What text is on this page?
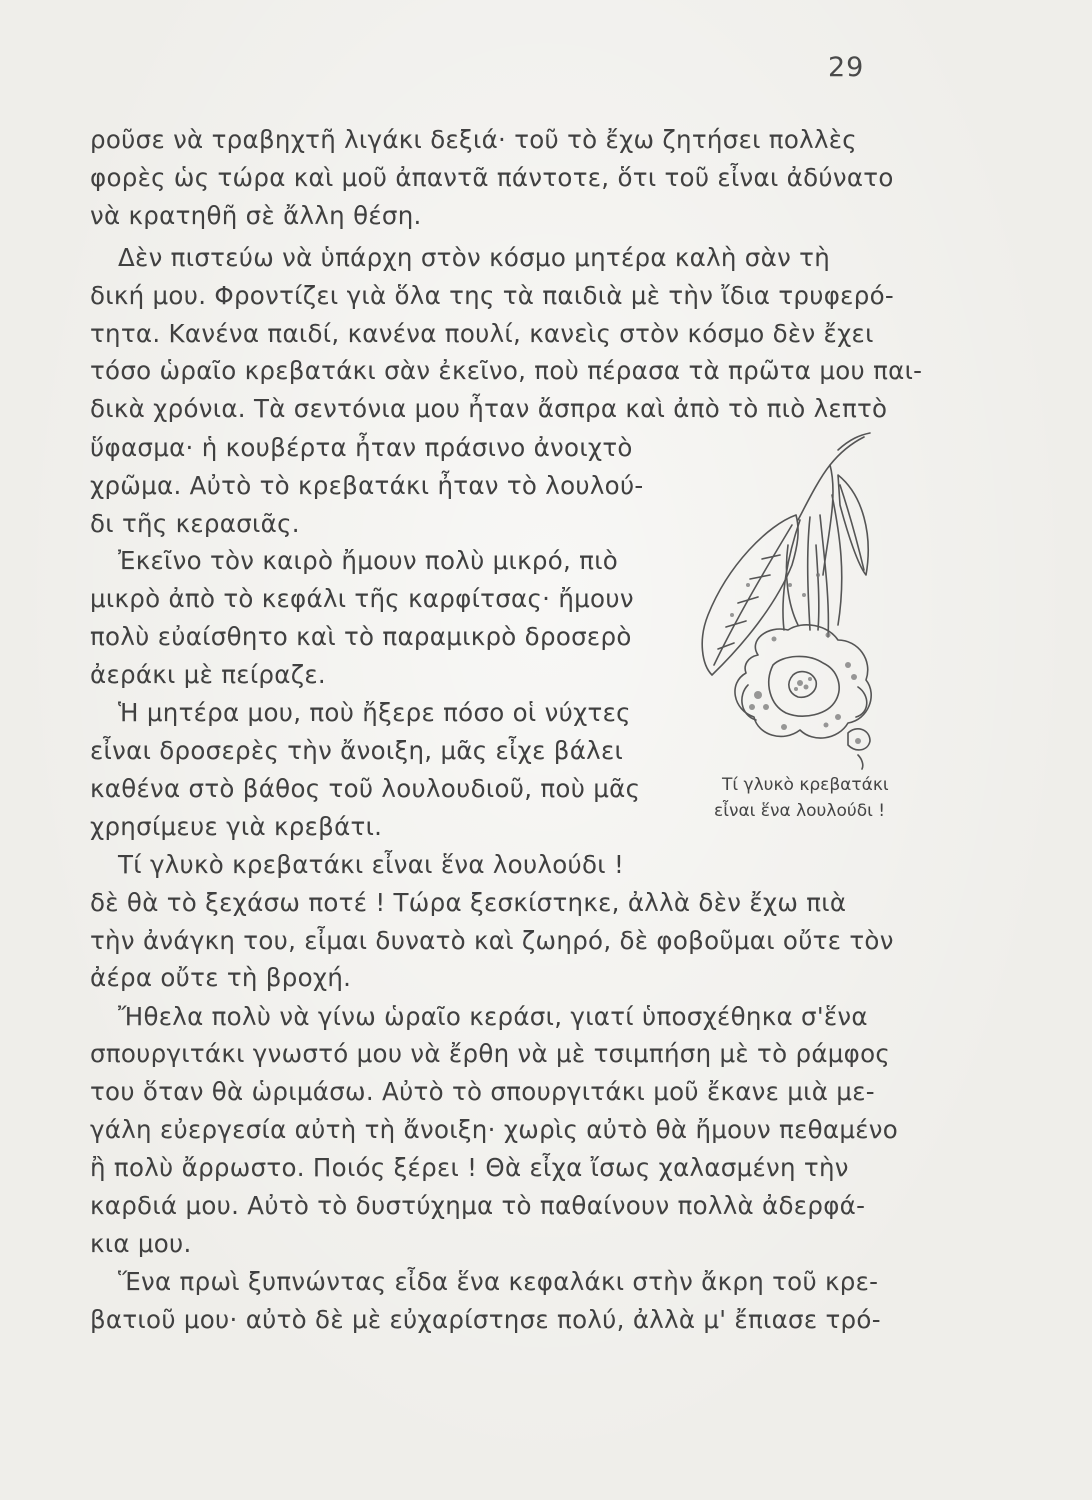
29
ροῦσε νὰ τραβηχτῆ λιγάκι δεξιά· τοῦ τὸ ἔχω ζητήσει πολλὲς
φορὲς ὡς τώρα καὶ μοῦ ἀπαντᾶ πάντοτε, ὅτι τοῦ εἶναι ἀδύνατο
νὰ κρατηθῆ σὲ ἄλλη θέση.
Δὲν πιστεύω νὰ ὑπάρχη στὸν κόσμο μητέρα καλὴ σὰν τὴ
δική μου. Φροντίζει γιὰ ὅλα της τὰ παιδιὰ μὲ τὴν ἴδια τρυφερό-
τητα. Κανένα παιδί, κανένα πουλί, κανεὶς στὸν κόσμο δὲν ἔχει
τόσο ὡραῖο κρεβατάκι σὰν ἐκεῖνο, ποὺ πέρασα τὰ πρῶτα μου παι-
δικὰ χρόνια. Τὰ σεντόνια μου ἦταν ἄσπρα καὶ ἀπὸ τὸ πιὸ λεπτὸ
ὕφασμα· ἡ κουβέρτα ἦταν πράσινο ἀνοιχτὸ
χρῶμα. Αὐτὸ τὸ κρεβατάκι ἦταν τὸ λουλού-
δι τῆς κερασιᾶς.
Ἐκεῖνο τὸν καιρὸ ἤμουν πολὺ μικρό, πιὸ
μικρὸ ἀπὸ τὸ κεφάλι τῆς καρφίτσας· ἤμουν
πολὺ εὐαίσθητο καὶ τὸ παραμικρὸ δροσερὸ
ἀεράκι μὲ πείραζε.
Ἡ μητέρα μου, ποὺ ἤξερε πόσο οἱ νύχτες
εἶναι δροσερὲς τὴν ἄνοιξη, μᾶς εἶχε βάλει
καθένα στὸ βάθος τοῦ λουλουδιοῦ, ποὺ μᾶς
χρησίμευε γιὰ κρεβάτι.
Τί γλυκὸ κρεβατάκι εἶναι ἕνα λουλούδι !
δὲ θὰ τὸ ξεχάσω ποτέ ! Τώρα ξεσκίστηκε, ἀλλὰ δὲν ἔχω πιὰ
τὴν ἀνάγκη του, εἶμαι δυνατὸ καὶ ζωηρό, δὲ φοβοῦμαι οὔτε τὸν
ἀέρα οὔτε τὴ βροχή.
Ἤθελα πολὺ νὰ γίνω ὡραῖο κεράσι, γιατί ὑποσχέθηκα σ'ἕνα
σπουργιτάκι γνωστό μου νὰ ἔρθη νὰ μὲ τσιμπήση μὲ τὸ ράμφος
του ὅταν θὰ ὡριμάσω. Αὐτὸ τὸ σπουργιτάκι μοῦ ἔκανε μιὰ με-
γάλη εὐεργεσία αὐτὴ τὴ ἄνοιξη· χωρὶς αὐτὸ θὰ ἤμουν πεθαμένο
ἢ πολὺ ἄρρωστο. Ποιός ξέρει ! Θὰ εἶχα ἴσως χαλασμένη τὴν
καρδιά μου. Αὐτὸ τὸ δυστύχημα τὸ παθαίνουν πολλὰ ἀδερφά-
κια μου.
Ἕνα πρωὶ ξυπνώντας εἶδα ἕνα κεφαλάκι στὴν ἄκρη τοῦ κρε-
βατιοῦ μου· αὐτὸ δὲ μὲ εὐχαρίστησε πολύ, ἀλλὰ μ' ἔπιασε τρό-
Τί γλυκὸ κρεβατάκι
εἶναι ἕνα λουλούδι !
